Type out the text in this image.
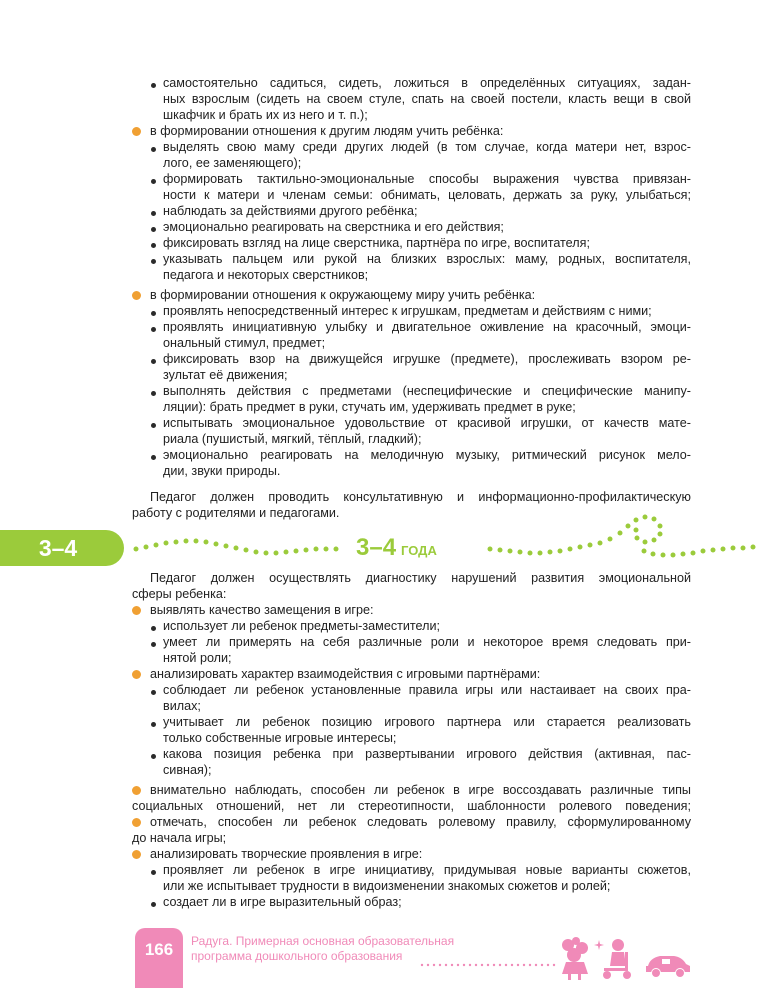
самостоятельно садиться, сидеть, ложиться в определённых ситуациях, задан-
ных взрослым (сидеть на своем стуле, спать на своей постели, класть вещи в свой
шкафчик и брать их из него и т. п.);
в формировании отношения к другим людям учить ребёнка:
выделять свою маму среди других людей (в том случае, когда матери нет, взрос-
лого, ее заменяющего);
формировать тактильно-эмоциональные способы выражения чувства привязан-
ности к матери и членам семьи: обнимать, целовать, держать за руку, улыбаться;
наблюдать за действиями другого ребёнка;
эмоционально реагировать на сверстника и его действия;
фиксировать взгляд на лице сверстника, партнёра по игре, воспитателя;
указывать пальцем или рукой на близких взрослых: маму, родных, воспитателя,
педагога и некоторых сверстников;
в формировании отношения к окружающему миру учить ребёнка:
проявлять непосредственный интерес к игрушкам, предметам и действиям с ними;
проявлять инициативную улыбку и двигательное оживление на красочный, эмоци-
ональный стимул, предмет;
фиксировать взор на движущейся игрушке (предмете), прослеживать взором ре-
зультат её движения;
выполнять действия с предметами (неспецифические и специфические манипу-
ляции): брать предмет в руки, стучать им, удерживать предмет в руке;
испытывать эмоциональное удовольствие от красивой игрушки, от качеств мате-
риала (пушистый, мягкий, тёплый, гладкий);
эмоционально реагировать на мелодичную музыку, ритмический рисунок мело-
дии, звуки природы.
Педагог должен проводить консультативную и информационно-профилактическую
работу с родителями и педагогами.
3–4	3–4 ГОДА
Педагог должен осуществлять диагностику нарушений развития эмоциональной
сферы ребенка:
выявлять качество замещения в игре:
использует ли ребенок предметы-заместители;
умеет ли примерять на себя различные роли и некоторое время следовать при-
нятой роли;
анализировать характер взаимодействия с игровыми партнёрами:
соблюдает ли ребенок установленные правила игры или настаивает на своих пра-
вилах;
учитывает ли ребенок позицию игрового партнера или старается реализовать
только собственные игровые интересы;
какова позиция ребенка при развертывании игрового действия (активная, пас-
сивная);
внимательно наблюдать, способен ли ребенок в игре воссоздавать различные типы
социальных отношений, нет ли стереотипности, шаблонности ролевого поведения;
отмечать, способен ли ребенок следовать ролевому правилу, сформулированному
до начала игры;
анализировать творческие проявления в игре:
проявляет ли ребенок в игре инициативу, придумывая новые варианты сюжетов,
или же испытывает трудности в видоизменении знакомых сюжетов и ролей;
создает ли в игре выразительный образ;
166	Радуга. Примерная основная образовательная
программа дошкольного образования
